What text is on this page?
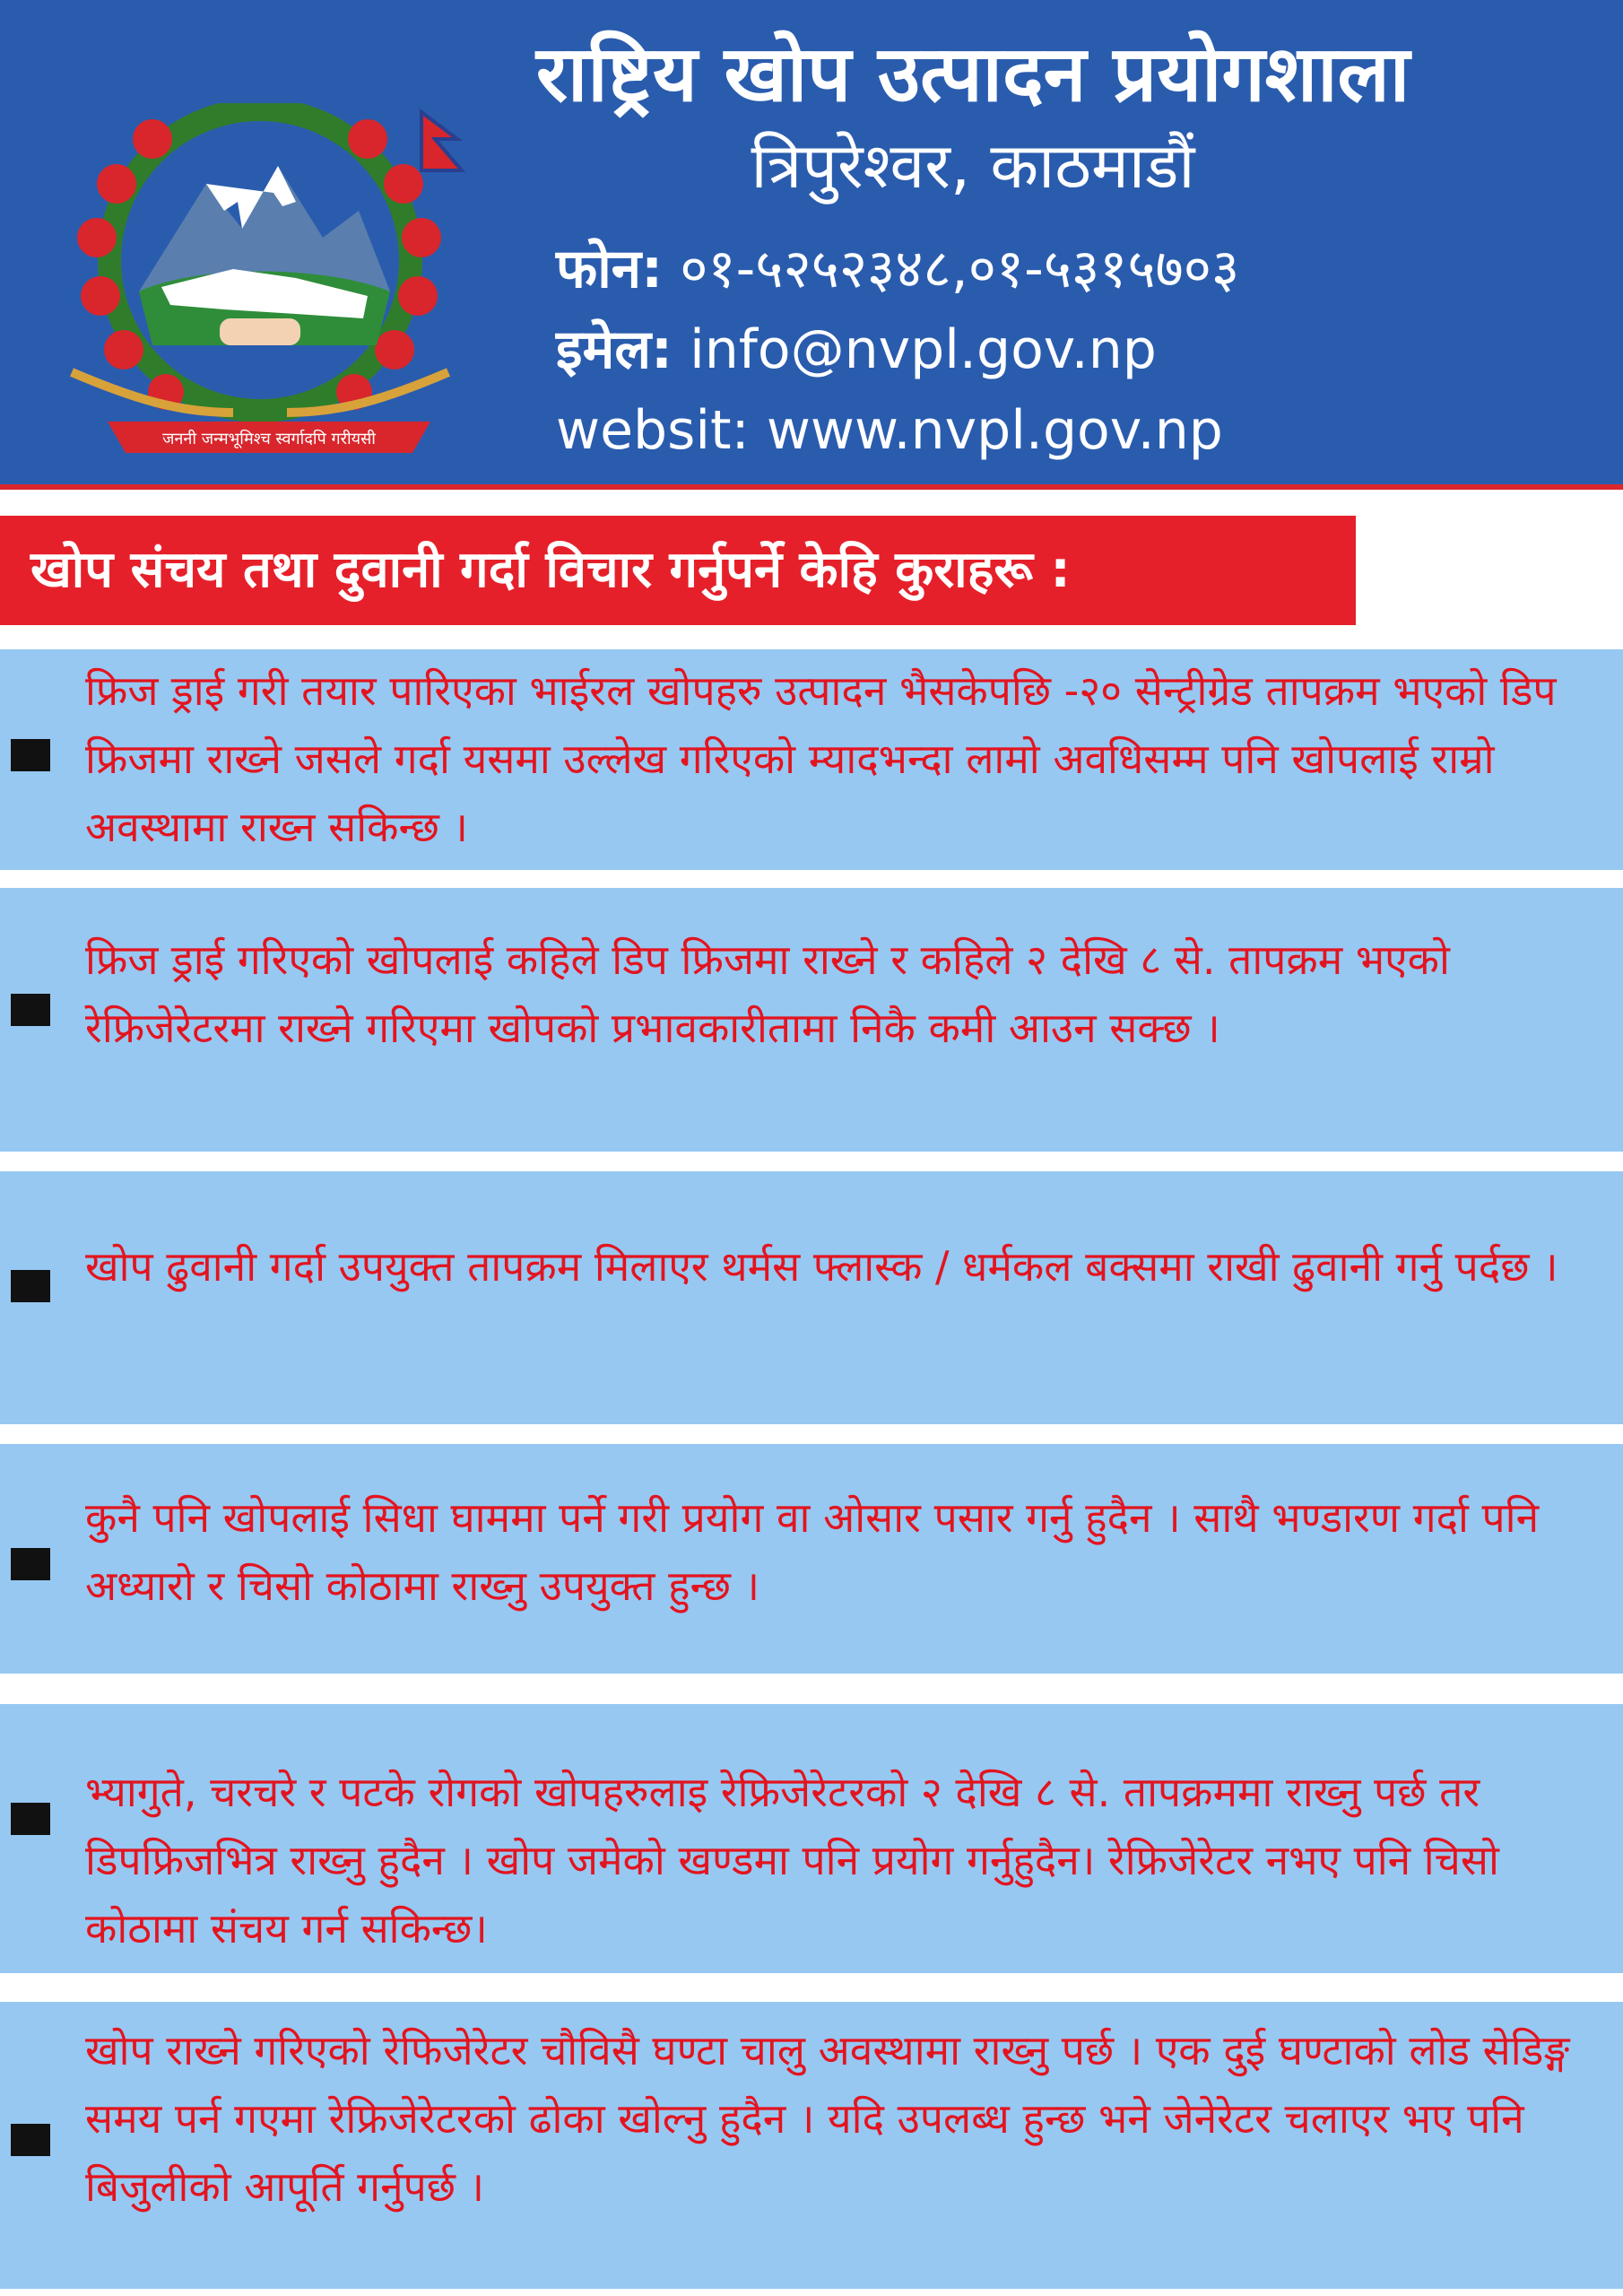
जननी जन्मभूमिश्च स्वर्गादपि गरीयसी
राष्ट्रिय खोप उत्पादन प्रयोगशाला
त्रिपुरेश्वर, काठमाडौं
फोन: ०१-५२५२३४८,०१-५३१५७०३
इमेल: info@nvpl.gov.np
websit: www.nvpl.gov.np
खोप संचय तथा दुवानी गर्दा विचार गर्नुपर्ने केहि कुराहरू :
फ्रिज ड्राई गरी तयार पारिएका भाईरल खोपहरु उत्पादन भैसकेपछि -२० सेन्ट्रीग्रेड तापक्रम भएको डिप फ्रिजमा राख्ने जसले गर्दा यसमा उल्लेख गरिएको म्यादभन्दा लामो अवधिसम्म पनि खोपलाई राम्रो अवस्थामा राख्न सकिन्छ ।
फ्रिज ड्राई गरिएको खोपलाई कहिले डिप फ्रिजमा राख्ने र कहिले २ देखि ८ से. तापक्रम भएको रेफ्रिजेरेटरमा राख्ने गरिएमा खोपको प्रभावकारीतामा निकै कमी आउन सक्छ ।
खोप ढुवानी गर्दा उपयुक्त तापक्रम मिलाएर थर्मस फ्लास्क / धर्मकल बक्समा राखी ढुवानी गर्नु पर्दछ ।
कुनै पनि खोपलाई सिधा घाममा पर्ने गरी प्रयोग वा ओसार पसार गर्नु हुदैन । साथै भण्डारण गर्दा पनि अध्यारो र चिसो कोठामा राख्नु उपयुक्त हुन्छ ।
भ्यागुते, चरचरे र पटके रोगको खोपहरुलाइ रेफ्रिजेरेटरको २ देखि ८ से. तापक्रममा राख्नु पर्छ तर डिपफ्रिजभित्र राख्नु हुदैन । खोप जमेको खण्डमा पनि प्रयोग गर्नुहुदैन। रेफ्रिजेरेटर नभए पनि चिसो कोठामा संचय गर्न सकिन्छ।
खोप राख्ने गरिएको रेफिजेरेटर चौविसै घण्टा चालु अवस्थामा राख्नु पर्छ । एक दुई घण्टाको लोड सेडिङ्ग समय पर्न गएमा रेफ्रिजेरेटरको ढोका खोल्नु हुदैन । यदि उपलब्ध हुन्छ भने जेनेरेटर चलाएर भए पनि बिजुलीको आपूर्ति गर्नुपर्छ ।
